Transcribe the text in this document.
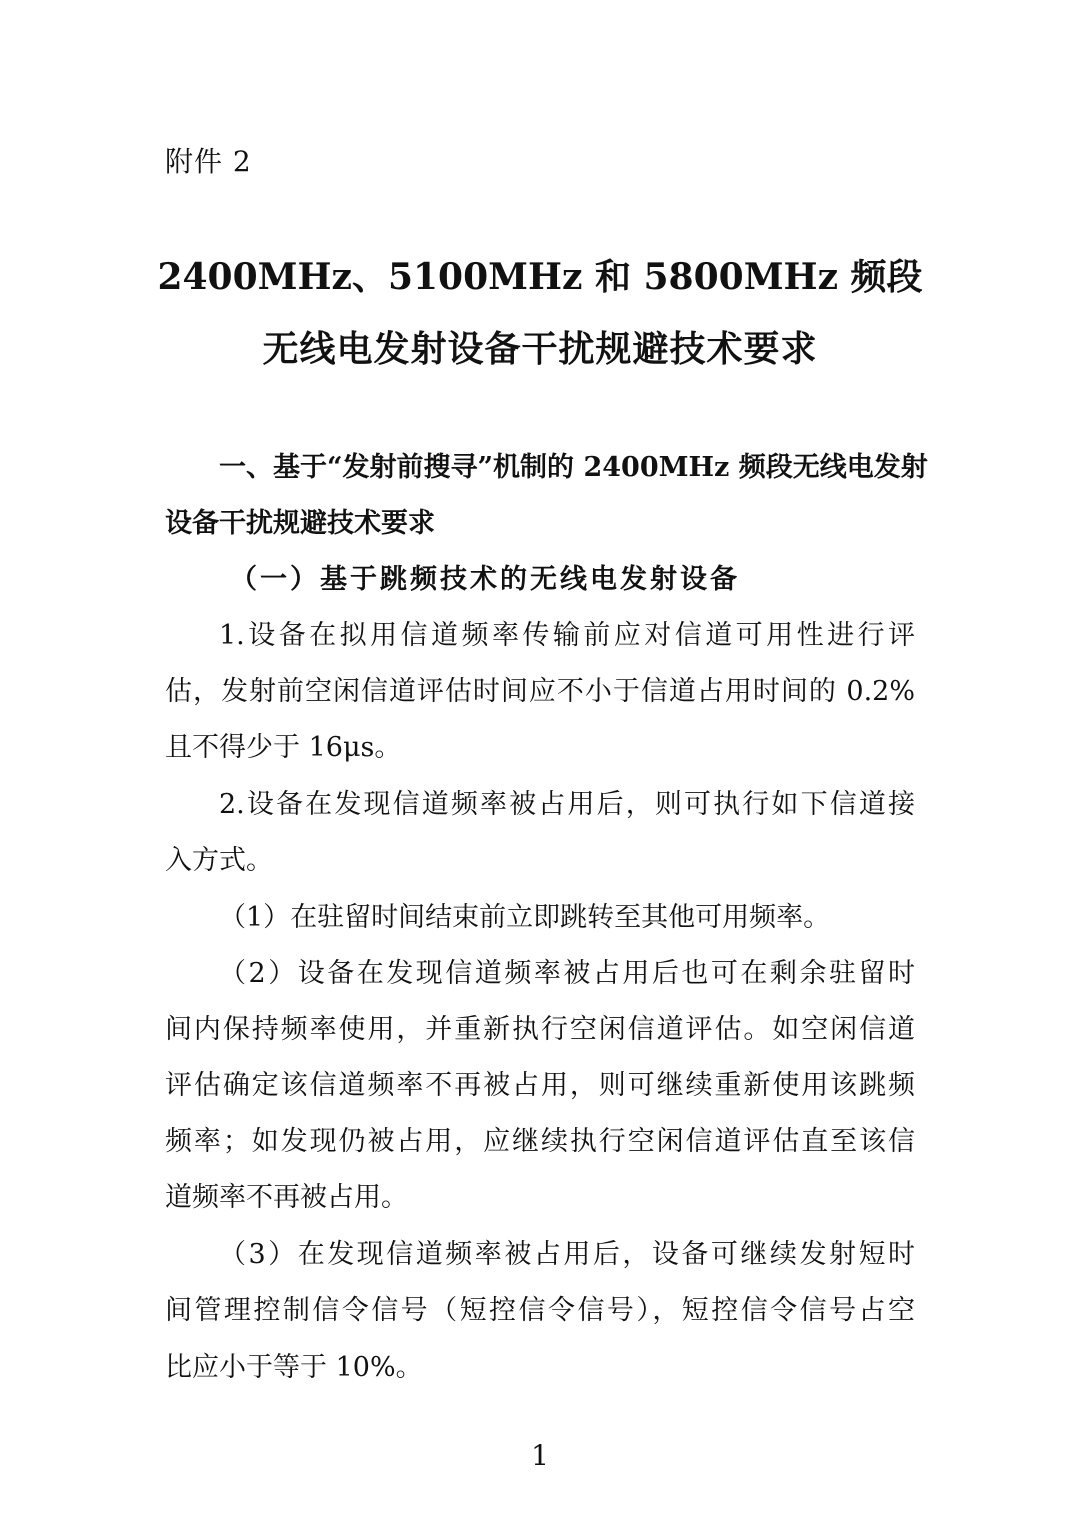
附件 2
2400MHz、5100MHz 和 5800MHz 频段
无线电发射设备干扰规避技术要求
一、基于“发射前搜寻”机制的 2400MHz 频段无线电发射
设备干扰规避技术要求
（一）基于跳频技术的无线电发射设备
1.设备在拟用信道频率传输前应对信道可用性进行评
估，发射前空闲信道评估时间应不小于信道占用时间的 0.2%
且不得少于 16μs。
2.设备在发现信道频率被占用后，则可执行如下信道接
入方式。
（1）在驻留时间结束前立即跳转至其他可用频率。
（2）设备在发现信道频率被占用后也可在剩余驻留时
间内保持频率使用，并重新执行空闲信道评估。如空闲信道
评估确定该信道频率不再被占用，则可继续重新使用该跳频
频率；如发现仍被占用，应继续执行空闲信道评估直至该信
道频率不再被占用。
（3）在发现信道频率被占用后，设备可继续发射短时
间管理控制信令信号（短控信令信号），短控信令信号占空
比应小于等于 10%。
1
